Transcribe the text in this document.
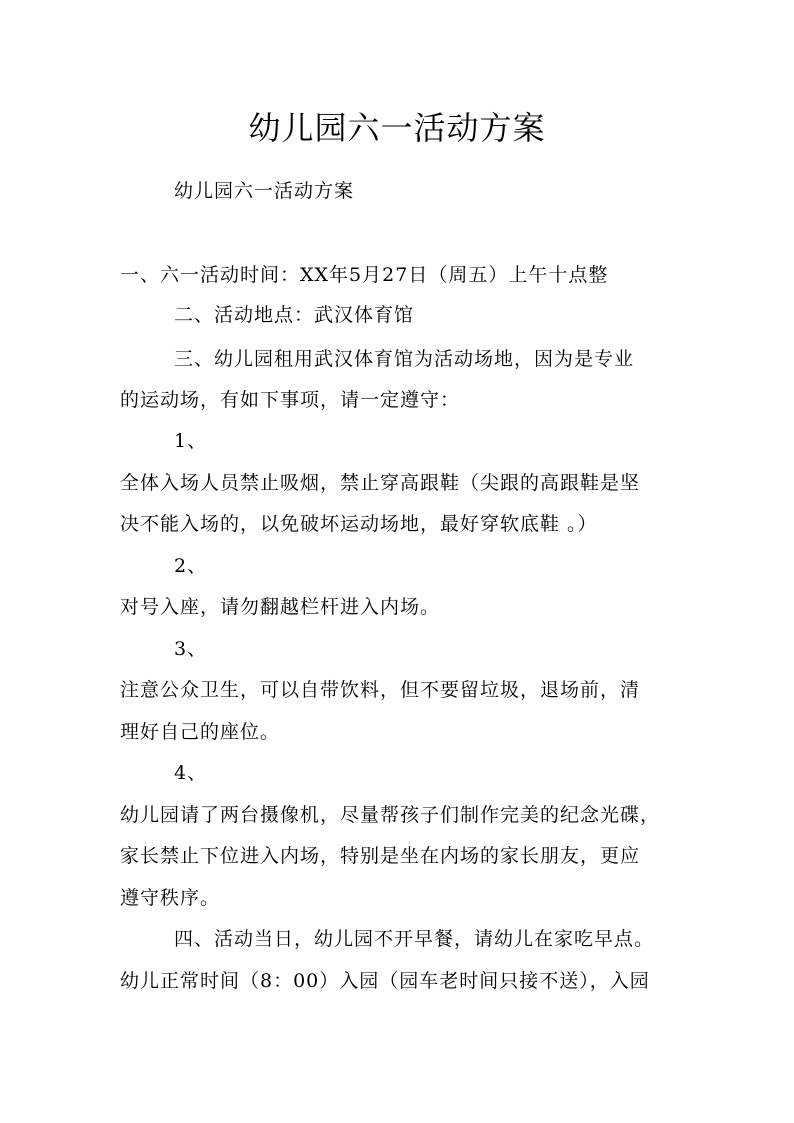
幼儿园六一活动方案
幼儿园六一活动方案
一、六一活动时间：XX年5月27日（周五）上午十点整
二、活动地点：武汉体育馆
三、幼儿园租用武汉体育馆为活动场地，因为是专业
的运动场，有如下事项，请一定遵守：
1、
全体入场人员禁止吸烟，禁止穿高跟鞋（尖跟的高跟鞋是坚
决不能入场的，以免破坏运动场地，最好穿软底鞋 。）
2、
对号入座，请勿翻越栏杆进入内场。
3、
注意公众卫生，可以自带饮料，但不要留垃圾，退场前，清
理好自己的座位。
4、
幼儿园请了两台摄像机，尽量帮孩子们制作完美的纪念光碟，
家长禁止下位进入内场，特别是坐在内场的家长朋友，更应
遵守秩序。
四、活动当日，幼儿园不开早餐，请幼儿在家吃早点。
幼儿正常时间（8：00）入园（园车老时间只接不送），入园
